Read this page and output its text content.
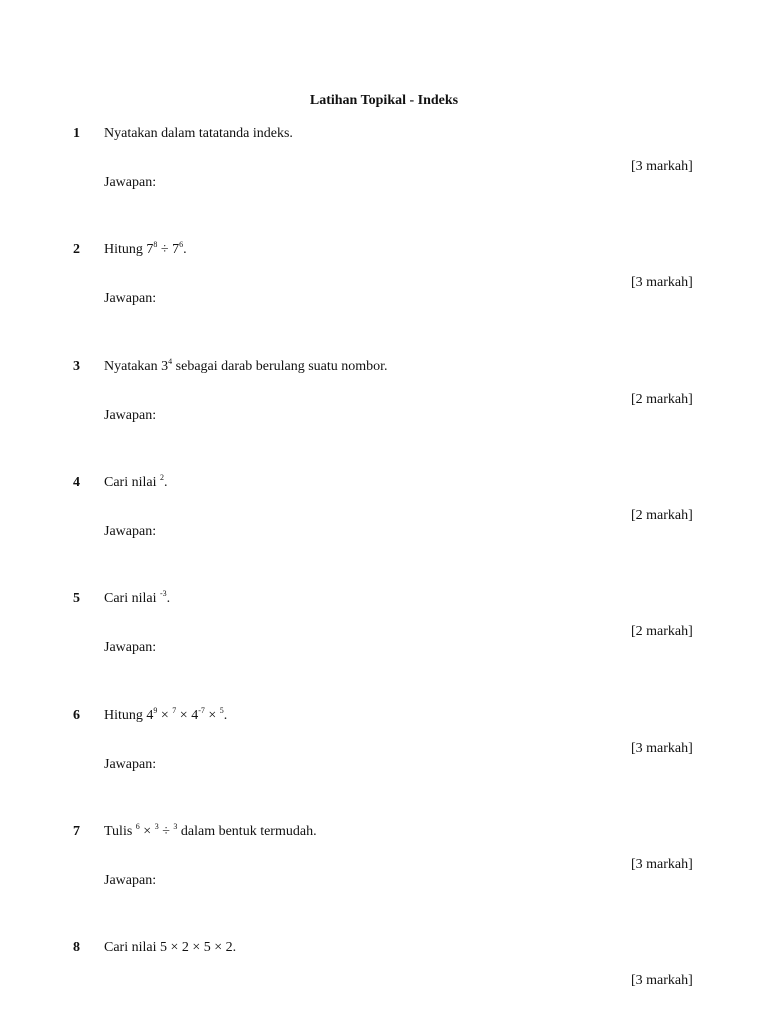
Latihan Topikal - Indeks
1 Nyatakan dalam tatatanda indeks.
[3 markah]
Jawapan:
2 Hitung $7^8 \div 7^6$.
[3 markah]
Jawapan:
3 Nyatakan $3^4$ sebagai darab berulang suatu nombor.
[2 markah]
Jawapan:
4 Cari nilai $^2$.
[2 markah]
Jawapan:
5 Cari nilai $^{-3}$.
[2 markah]
Jawapan:
6 Hitung $4^9 \times ^7 \times 4^{-7} \times ^5$.
[3 markah]
Jawapan:
7 Tulis $^6$ × $^3$ ÷ $^3$ dalam bentuk termudah.
[3 markah]
Jawapan:
8 Cari nilai 5 × 2 × 5 × 2.
[3 markah]
